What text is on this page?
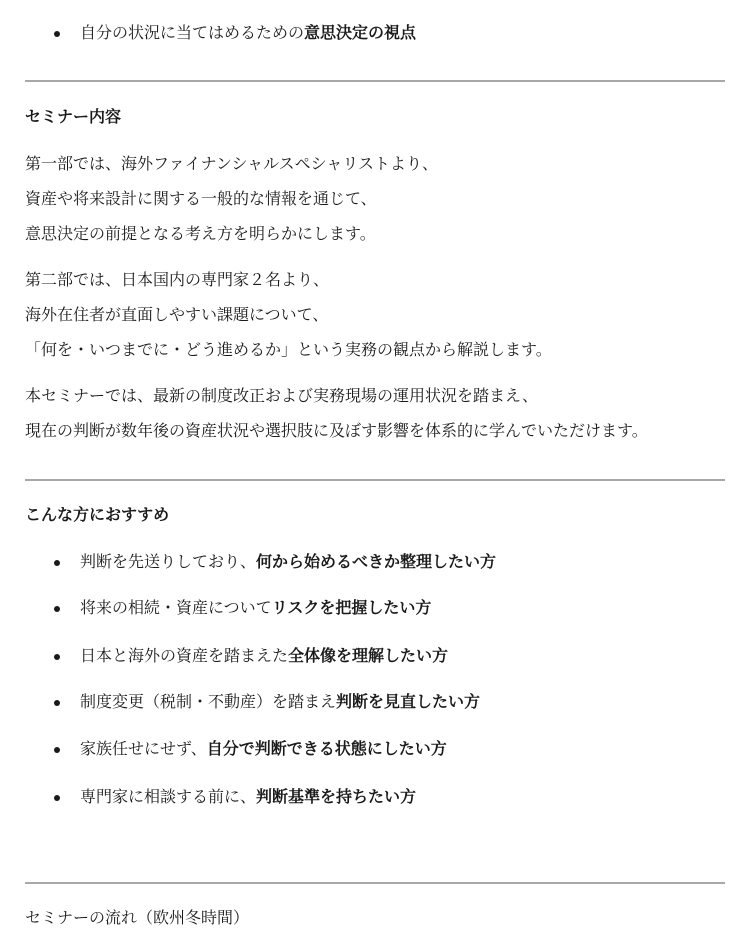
自分の状況に当てはめるための意思決定の視点
セミナー内容
第一部では、海外ファイナンシャルスペシャリストより、
資産や将来設計に関する一般的な情報を通じて、
意思決定の前提となる考え方を明らかにします。
第二部では、日本国内の専門家２名より、
海外在住者が直面しやすい課題について、
「何を・いつまでに・どう進めるか」という実務の観点から解説します。
本セミナーでは、最新の制度改正および実務現場の運用状況を踏まえ、
現在の判断が数年後の資産状況や選択肢に及ぼす影響を体系的に学んでいただけます。
こんな方におすすめ
判断を先送りしており、何から始めるべきか整理したい方
将来の相続・資産についてリスクを把握したい方
日本と海外の資産を踏まえた全体像を理解したい方
制度変更（税制・不動産）を踏まえ判断を見直したい方
家族任せにせず、自分で判断できる状態にしたい方
専門家に相談する前に、判断基準を持ちたい方
セミナーの流れ（欧州冬時間）
